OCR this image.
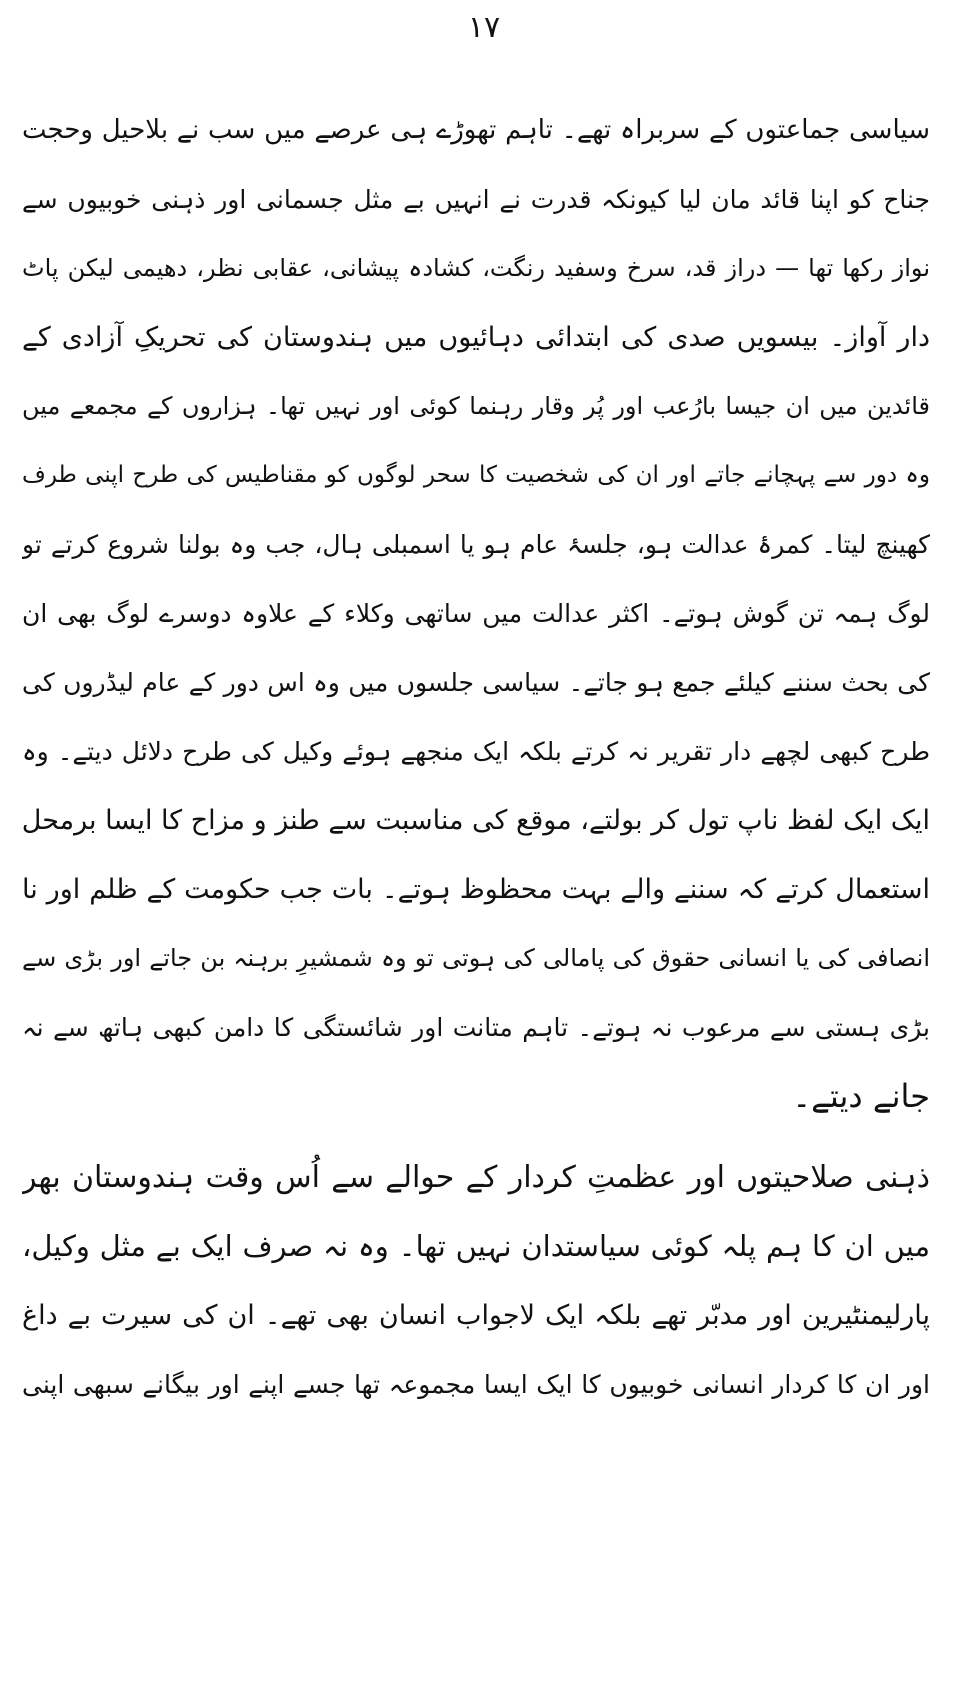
۱۷
سیاسی جماعتوں کے سربراہ تھے۔ تاہم تھوڑے ہی عرصے میں سب نے بلاحیل وحجت
جناح کو اپنا قائد مان لیا کیونکہ قدرت نے انہیں بے مثل جسمانی اور ذہنی خوبیوں سے
نواز رکھا تھا — دراز قد، سرخ وسفید رنگت، کشادہ پیشانی، عقابی نظر، دھیمی لیکن پاٹ
دار آواز۔ بیسویں صدی کی ابتدائی دہائیوں میں ہندوستان کی تحریکِ آزادی کے
قائدین میں ان جیسا بارُعب اور پُر وقار رہنما کوئی اور نہیں تھا۔ ہزاروں کے مجمعے میں
وہ دور سے پہچانے جاتے اور ان کی شخصیت کا سحر لوگوں کو مقناطیس کی طرح اپنی طرف
کھینچ لیتا۔ کمرۂ عدالت ہو، جلسۂ عام ہو یا اسمبلی ہال، جب وہ بولنا شروع کرتے تو
لوگ ہمہ تن گوش ہوتے۔ اکثر عدالت میں ساتھی وکلاء کے علاوہ دوسرے لوگ بھی ان
کی بحث سننے کیلئے جمع ہو جاتے۔ سیاسی جلسوں میں وہ اس دور کے عام لیڈروں کی
طرح کبھی لچھے دار تقریر نہ کرتے بلکہ ایک منجھے ہوئے وکیل کی طرح دلائل دیتے۔ وہ
ایک ایک لفظ ناپ تول کر بولتے، موقع کی مناسبت سے طنز و مزاح کا ایسا برمحل
استعمال کرتے کہ سننے والے بہت محظوظ ہوتے۔ بات جب حکومت کے ظلم اور نا
انصافی کی یا انسانی حقوق کی پامالی کی ہوتی تو وہ شمشیرِ برہنہ بن جاتے اور بڑی سے
بڑی ہستی سے مرعوب نہ ہوتے۔ تاہم متانت اور شائستگی کا دامن کبھی ہاتھ سے نہ
جانے دیتے۔
ذہنی صلاحیتوں اور عظمتِ کردار کے حوالے سے اُس وقت ہندوستان بھر
میں ان کا ہم پلہ کوئی سیاستدان نہیں تھا۔ وہ نہ صرف ایک بے مثل وکیل،
پارلیمنٹیرین اور مدبّر تھے بلکہ ایک لاجواب انسان بھی تھے۔ ان کی سیرت بے داغ
اور ان کا کردار انسانی خوبیوں کا ایک ایسا مجموعہ تھا جسے اپنے اور بیگانے سبھی اپنی
